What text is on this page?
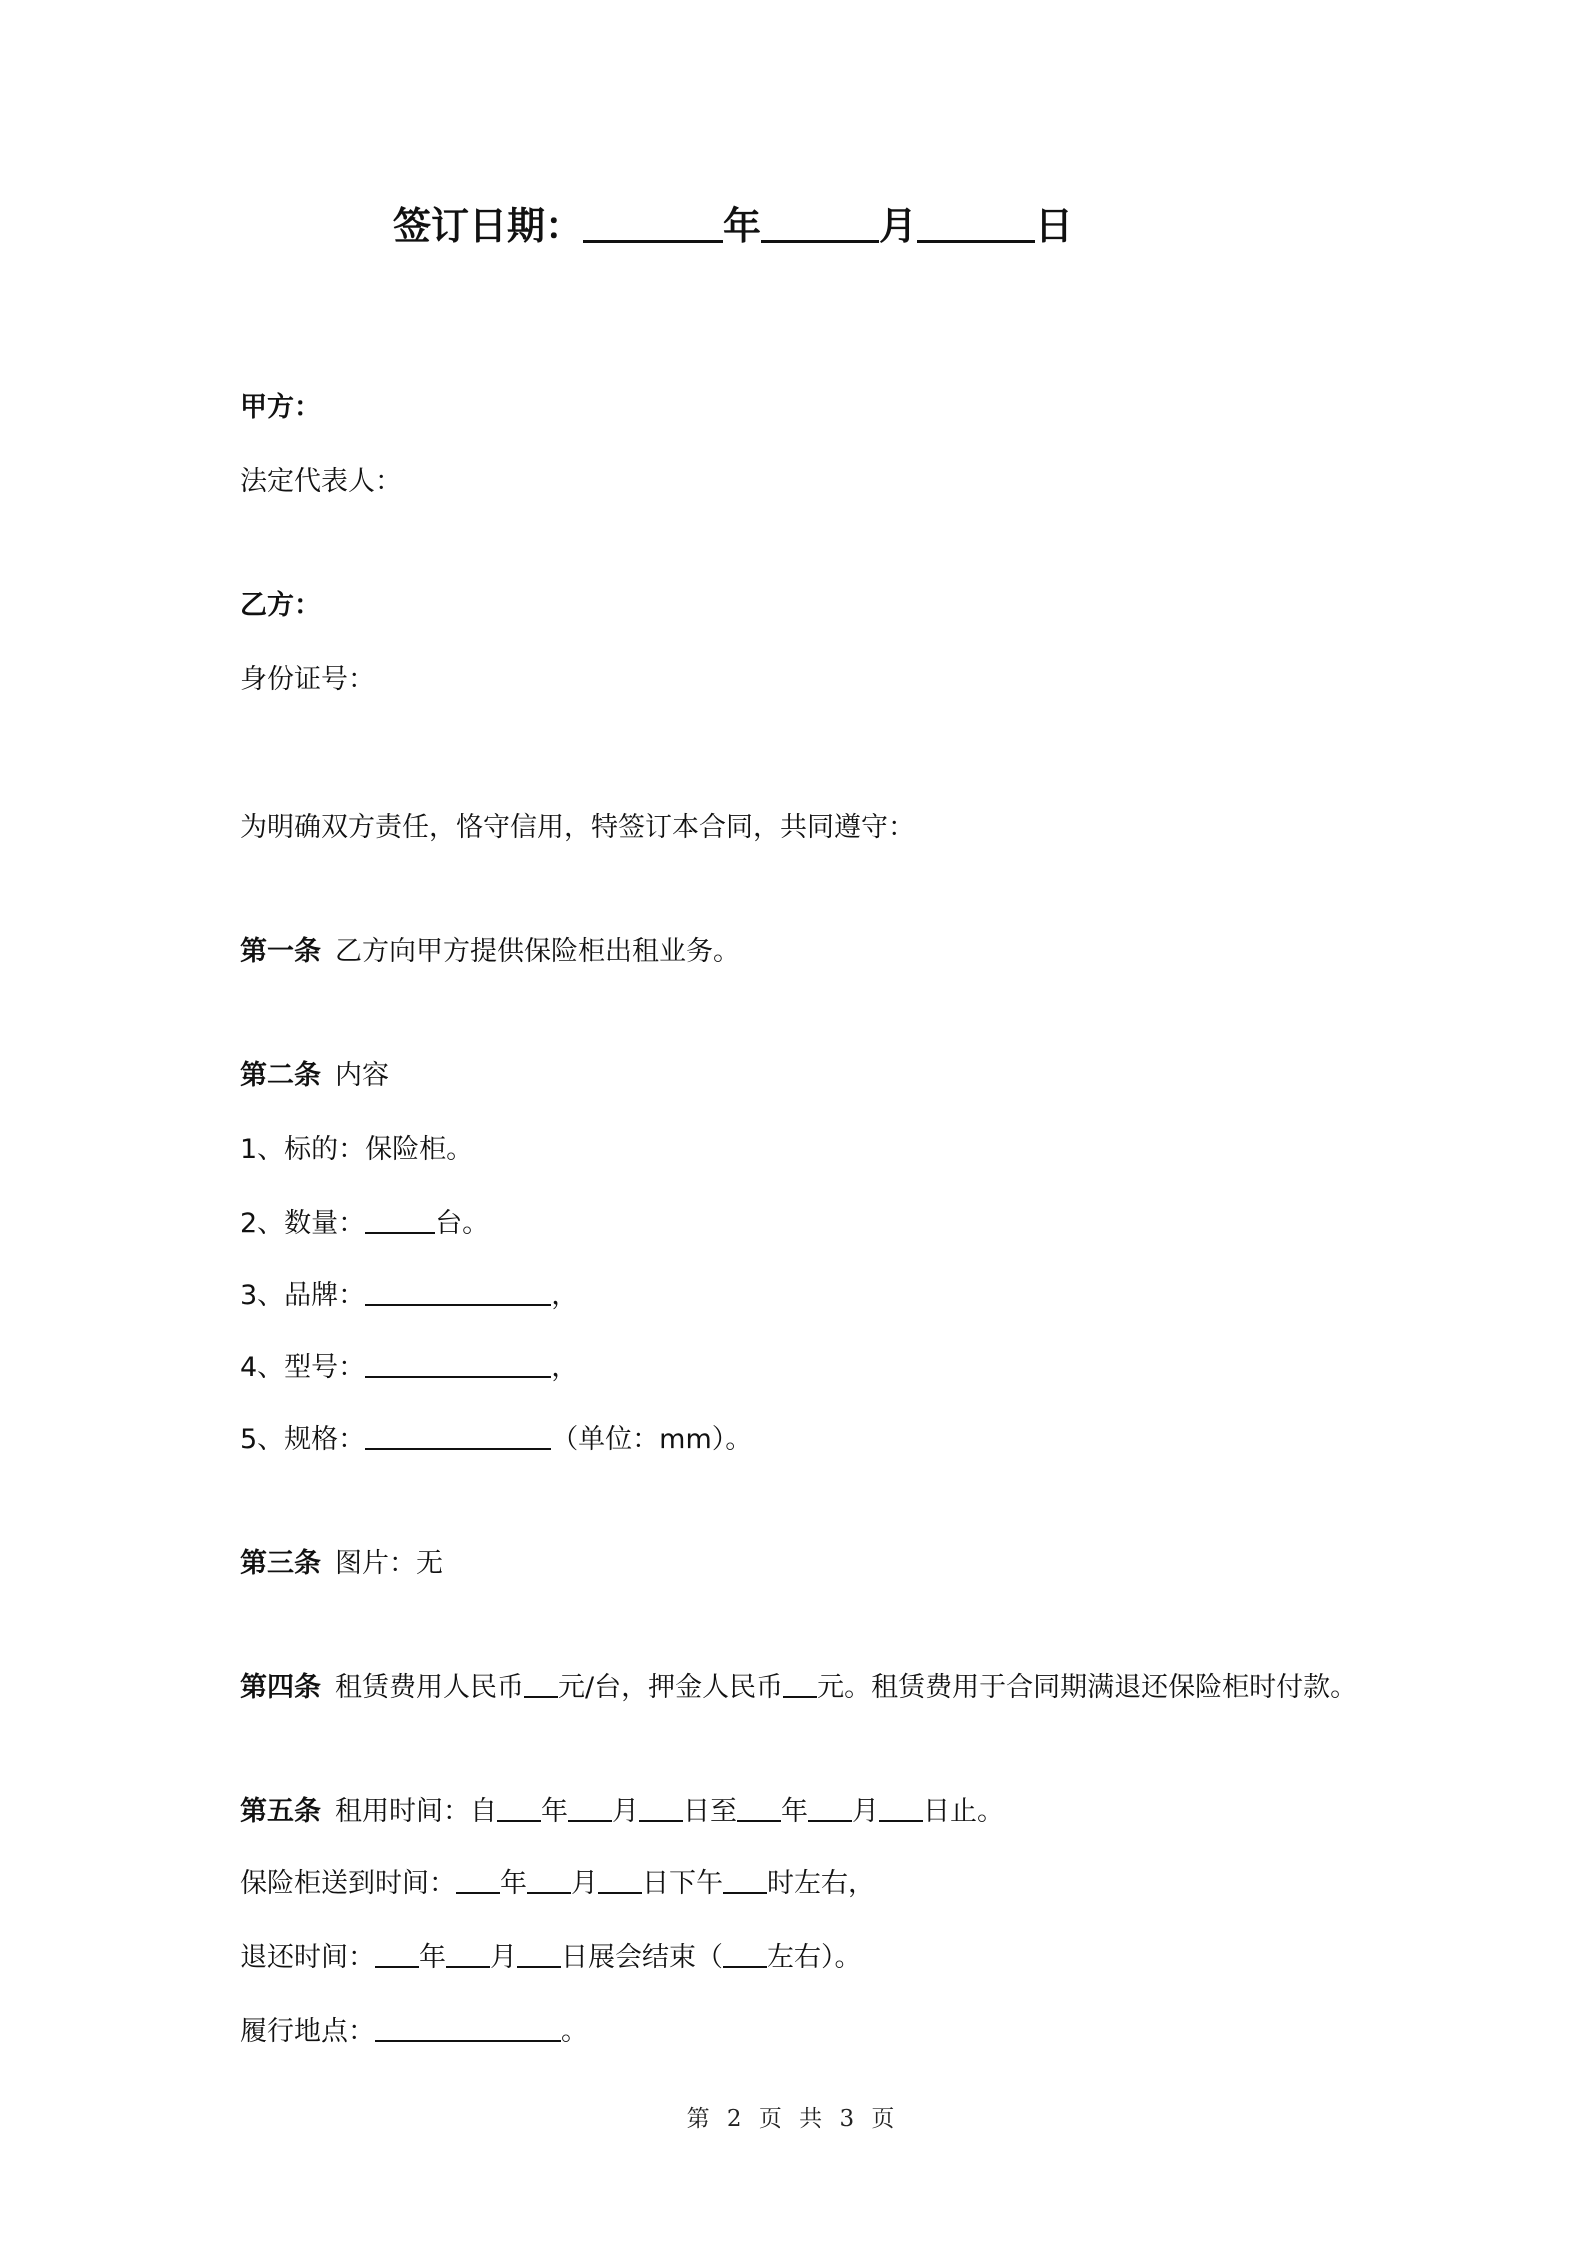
签订日期：	年	月	日
甲方：
法定代表人：
乙方：
身份证号：
为明确双方责任，恪守信用，特签订本合同，共同遵守：
第一条 乙方向甲方提供保险柜出租业务。
第二条 内容
1、标的：保险柜。
2、数量：	台。
3、品牌：	，
4、型号：	，
5、规格：	（单位：mm）。
第三条 图片：无
第四条 租赁费用人民币 元/台，押金人民币 元。租赁费用于合同期满退还保险柜时付款。
第五条 租用时间：自 年 月 日至 年 月 日止。
保险柜送到时间： 年 月 日下午 时左右，
退还时间： 年 月 日展会结束（ 左右）。
履行地点：	。
第 2 页 共 3 页
